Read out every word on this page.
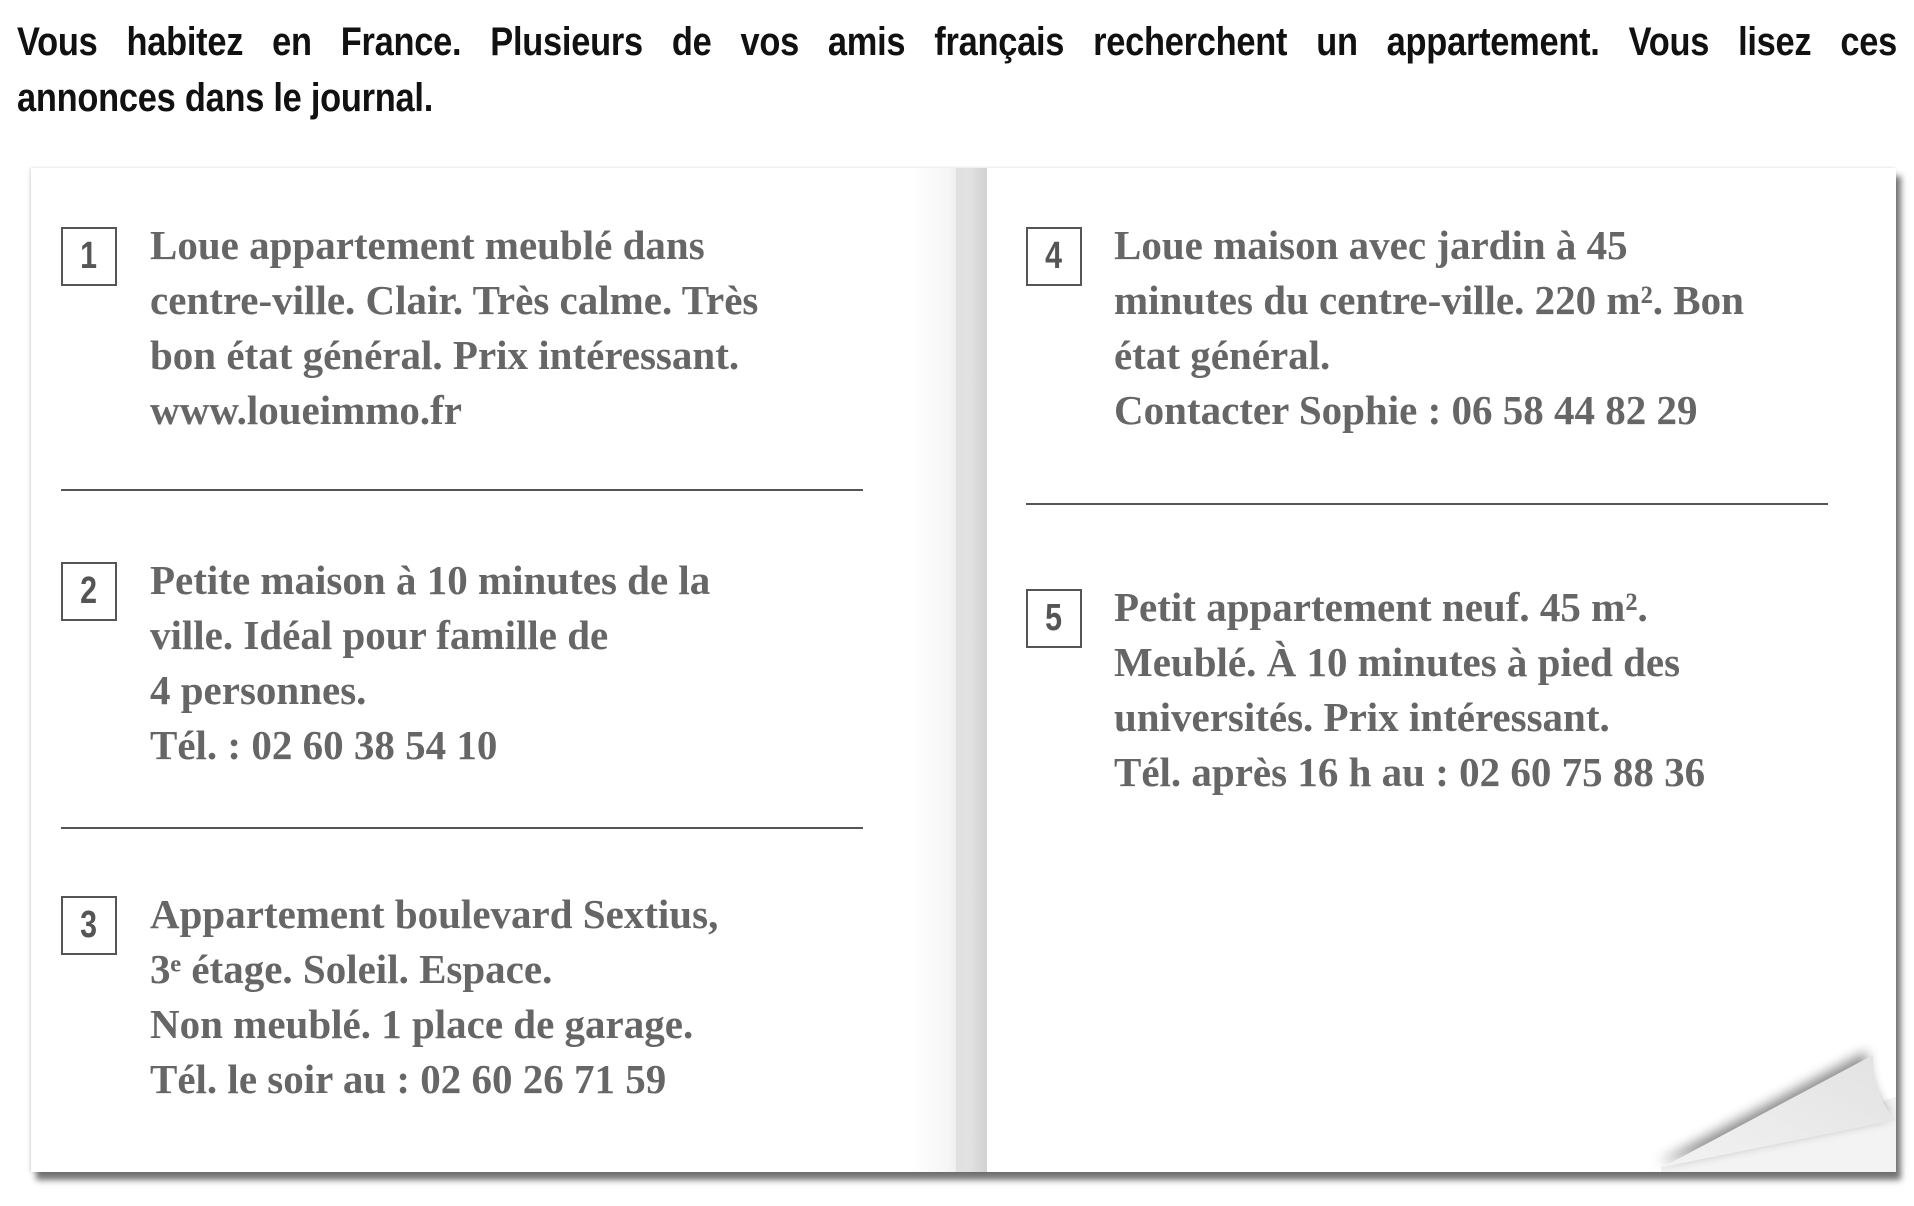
Vous habitez en France. Plusieurs de vos amis français recherchent un appartement. Vous lisez ces
annonces dans le journal.
1 Loue appartement meublé dans
centre-ville. Clair. Très calme. Très
bon état général. Prix intéressant.
www.loueimmo.fr
2 Petite maison à 10 minutes de la
ville. Idéal pour famille de
4 personnes.
Tél. : 02 60 38 54 10
3 Appartement boulevard Sextius,
3ᵉ étage. Soleil. Espace.
Non meublé. 1 place de garage.
Tél. le soir au : 02 60 26 71 59
4 Loue maison avec jardin à 45
minutes du centre-ville. 220 m². Bon
état général.
Contacter Sophie : 06 58 44 82 29
5 Petit appartement neuf. 45 m².
Meublé. À 10 minutes à pied des
universités. Prix intéressant.
Tél. après 16 h au : 02 60 75 88 36
